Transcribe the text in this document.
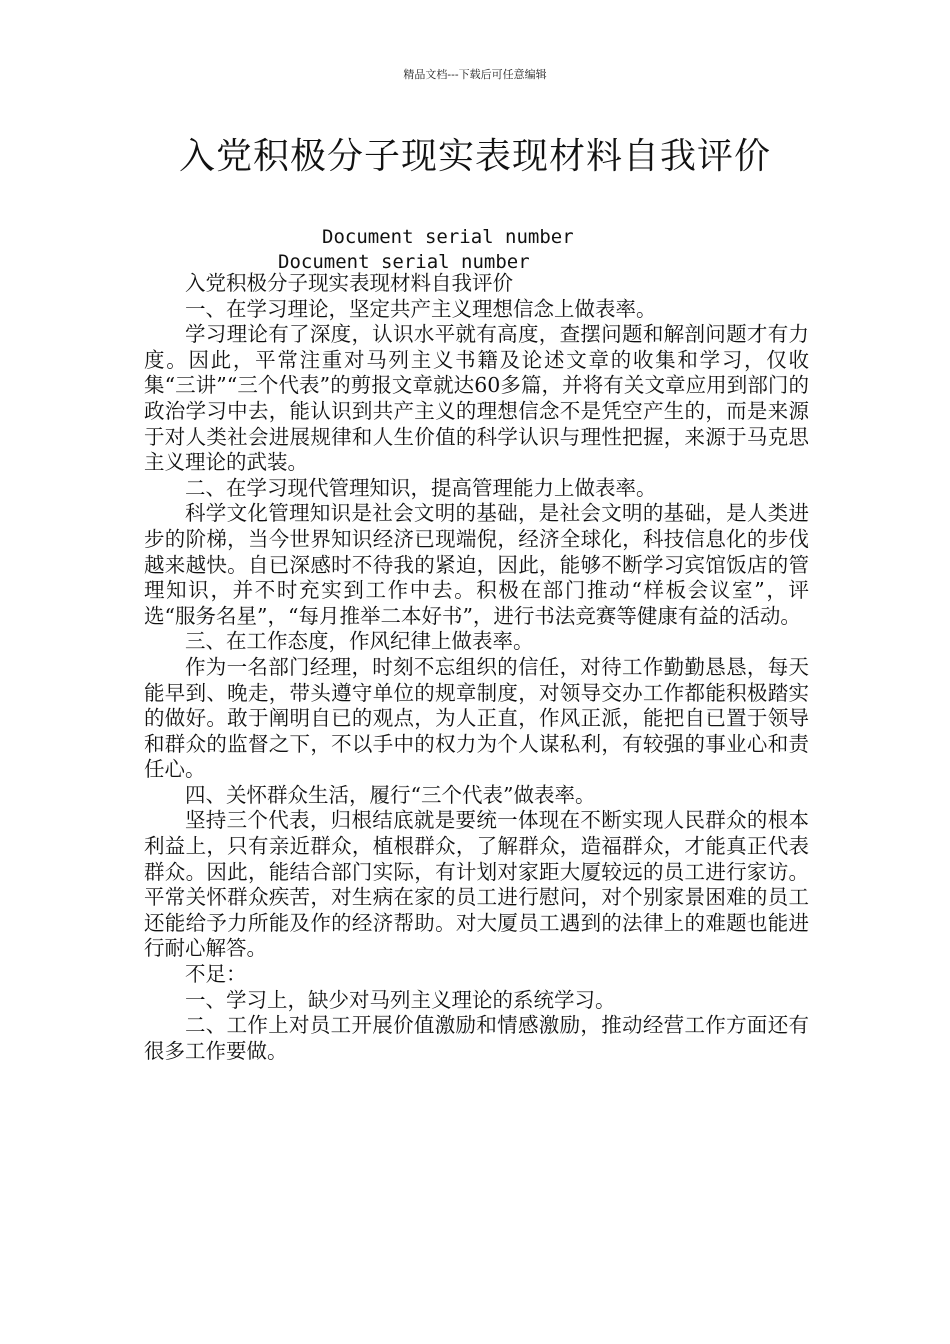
精品文档---下载后可任意编辑
入党积极分子现实表现材料自我评价
Document serial number
Document serial number

入党积极分子现实表现材料自我评价

一、在学习理论，坚定共产主义理想信念上做表率。

学习理论有了深度，认识水平就有高度，查摆问题和解剖问题才有力度。因此，平常注重对马列主义书籍及论述文章的收集和学习，仅收集“三讲”“三个代表”的剪报文章就达60多篇，并将有关文章应用到部门的政治学习中去，能认识到共产主义的理想信念不是凭空产生的，而是来源于对人类社会进展规律和人生价值的科学认识与理性把握，来源于马克思主义理论的武装。

二、在学习现代管理知识，提高管理能力上做表率。

科学文化管理知识是社会文明的基础，是社会文明的基础，是人类进步的阶梯，当今世界知识经济已现端倪，经济全球化，科技信息化的步伐越来越快。自已深感时不待我的紧迫，因此，能够不断学习宾馆饭店的管理知识，并不时充实到工作中去。积极在部门推动“样板会议室”，评选“服务名星”，“每月推举二本好书”，进行书法竞赛等健康有益的活动。

三、在工作态度，作风纪律上做表率。

作为一名部门经理，时刻不忘组织的信任，对待工作勤勤恳恳，每天能早到、晚走，带头遵守单位的规章制度，对领导交办工作都能积极踏实的做好。敢于阐明自已的观点，为人正直，作风正派，能把自已置于领导和群众的监督之下，不以手中的权力为个人谋私利，有较强的事业心和责任心。

四、关怀群众生活，履行“三个代表”做表率。

坚持三个代表，归根结底就是要统一体现在不断实现人民群众的根本利益上，只有亲近群众，植根群众，了解群众，造福群众，才能真正代表群众。因此，能结合部门实际，有计划对家距大厦较远的员工进行家访。平常关怀群众疾苦，对生病在家的员工进行慰问，对个别家景困难的员工还能给予力所能及作的经济帮助。对大厦员工遇到的法律上的难题也能进行耐心解答。

不足：

一、学习上，缺少对马列主义理论的系统学习。

二、工作上对员工开展价值激励和情感激励，推动经营工作方面还有很多工作要做。
